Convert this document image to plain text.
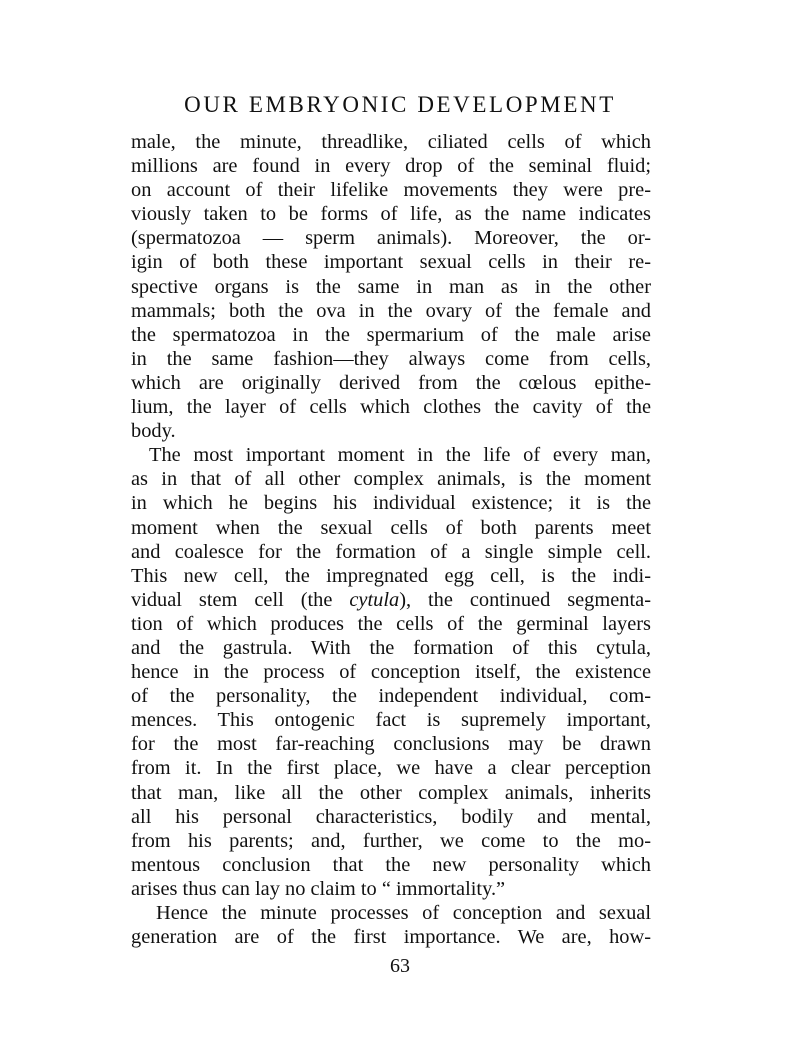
OUR EMBRYONIC DEVELOPMENT
male, the minute, threadlike, ciliated cells of which
millions are found in every drop of the seminal fluid;
on account of their lifelike movements they were pre-
viously taken to be forms of life, as the name indicates
(spermatozoa — sperm animals). Moreover, the or-
igin of both these important sexual cells in their re-
spective organs is the same in man as in the other
mammals; both the ova in the ovary of the female and
the spermatozoa in the spermarium of the male arise
in the same fashion—they always come from cells,
which are originally derived from the cœlous epithe-
lium, the layer of cells which clothes the cavity of the
body.
The most important moment in the life of every man,
as in that of all other complex animals, is the moment
in which he begins his individual existence; it is the
moment when the sexual cells of both parents meet
and coalesce for the formation of a single simple cell.
This new cell, the impregnated egg cell, is the indi-
vidual stem cell (the cytula), the continued segmenta-
tion of which produces the cells of the germinal layers
and the gastrula. With the formation of this cytula,
hence in the process of conception itself, the existence
of the personality, the independent individual, com-
mences. This ontogenic fact is supremely important,
for the most far-reaching conclusions may be drawn
from it. In the first place, we have a clear perception
that man, like all the other complex animals, inherits
all his personal characteristics, bodily and mental,
from his parents; and, further, we come to the mo-
mentous conclusion that the new personality which
arises thus can lay no claim to “ immortality.”
Hence the minute processes of conception and sexual
generation are of the first importance. We are, how-
63
